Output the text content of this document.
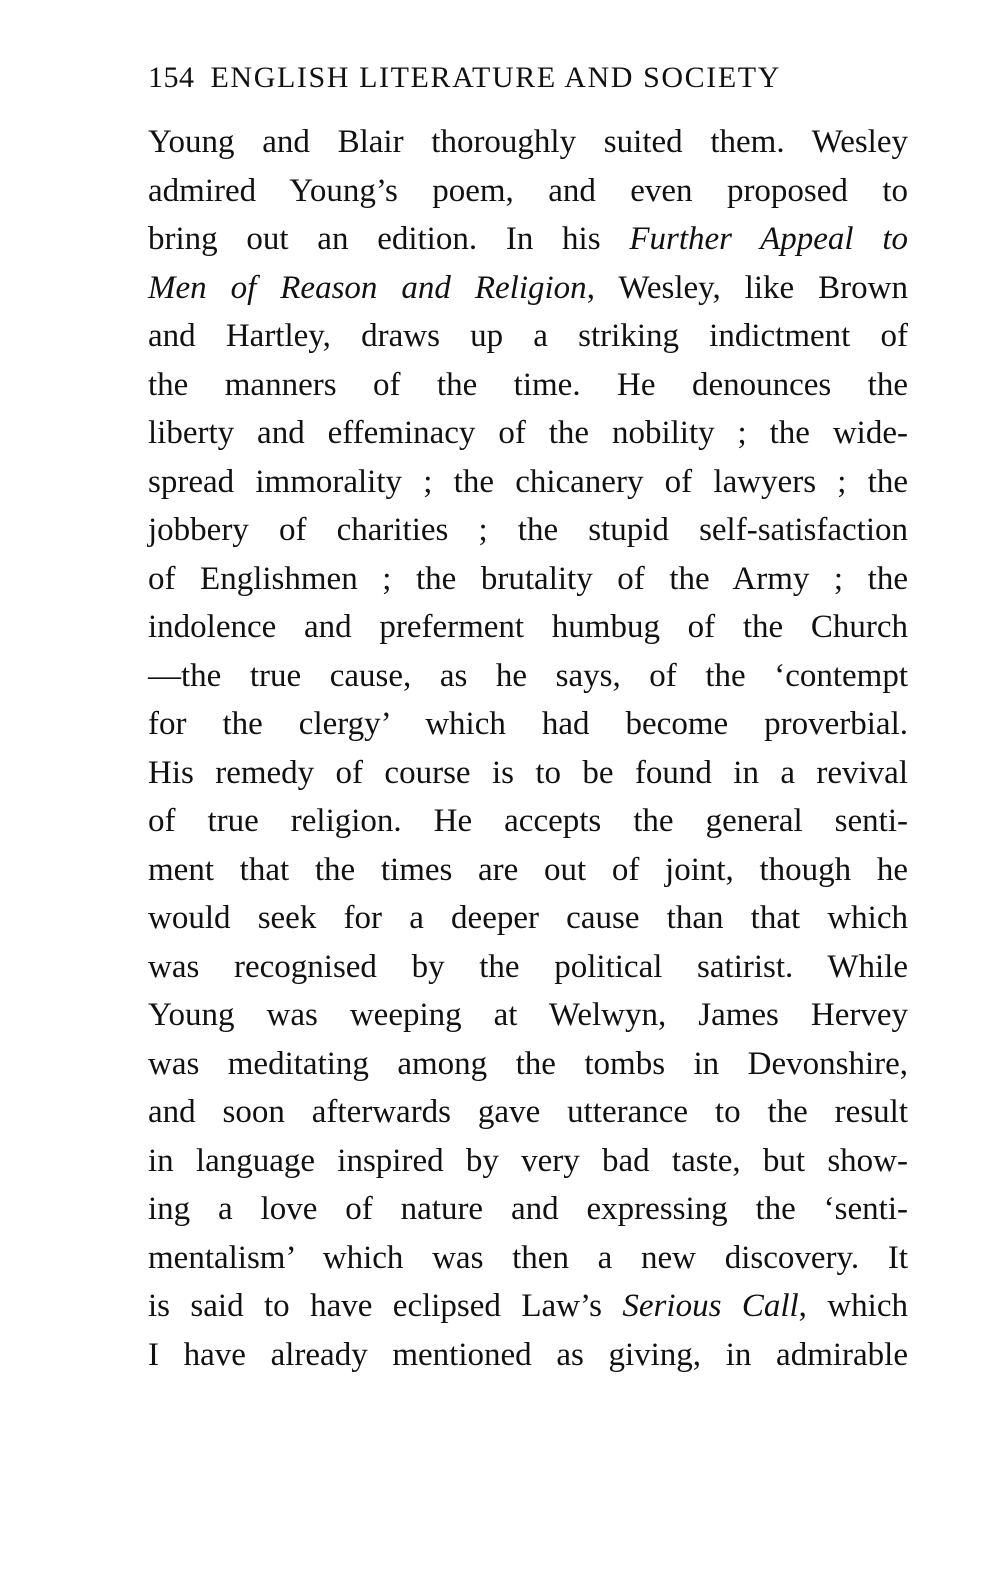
154 ENGLISH LITERATURE AND SOCIETY
Young and Blair thoroughly suited them. Wesley
admired Young’s poem, and even proposed to
bring out an edition. In his Further Appeal to
Men of Reason and Religion, Wesley, like Brown
and Hartley, draws up a striking indictment of
the manners of the time. He denounces the
liberty and effeminacy of the nobility ; the wide-
spread immorality ; the chicanery of lawyers ; the
jobbery of charities ; the stupid self-satisfaction
of Englishmen ; the brutality of the Army ; the
indolence and preferment humbug of the Church
—the true cause, as he says, of the ‘contempt
for the clergy’ which had become proverbial.
His remedy of course is to be found in a revival
of true religion. He accepts the general senti-
ment that the times are out of joint, though he
would seek for a deeper cause than that which
was recognised by the political satirist. While
Young was weeping at Welwyn, James Hervey
was meditating among the tombs in Devonshire,
and soon afterwards gave utterance to the result
in language inspired by very bad taste, but show-
ing a love of nature and expressing the ‘senti-
mentalism’ which was then a new discovery. It
is said to have eclipsed Law’s Serious Call, which
I have already mentioned as giving, in admirable
